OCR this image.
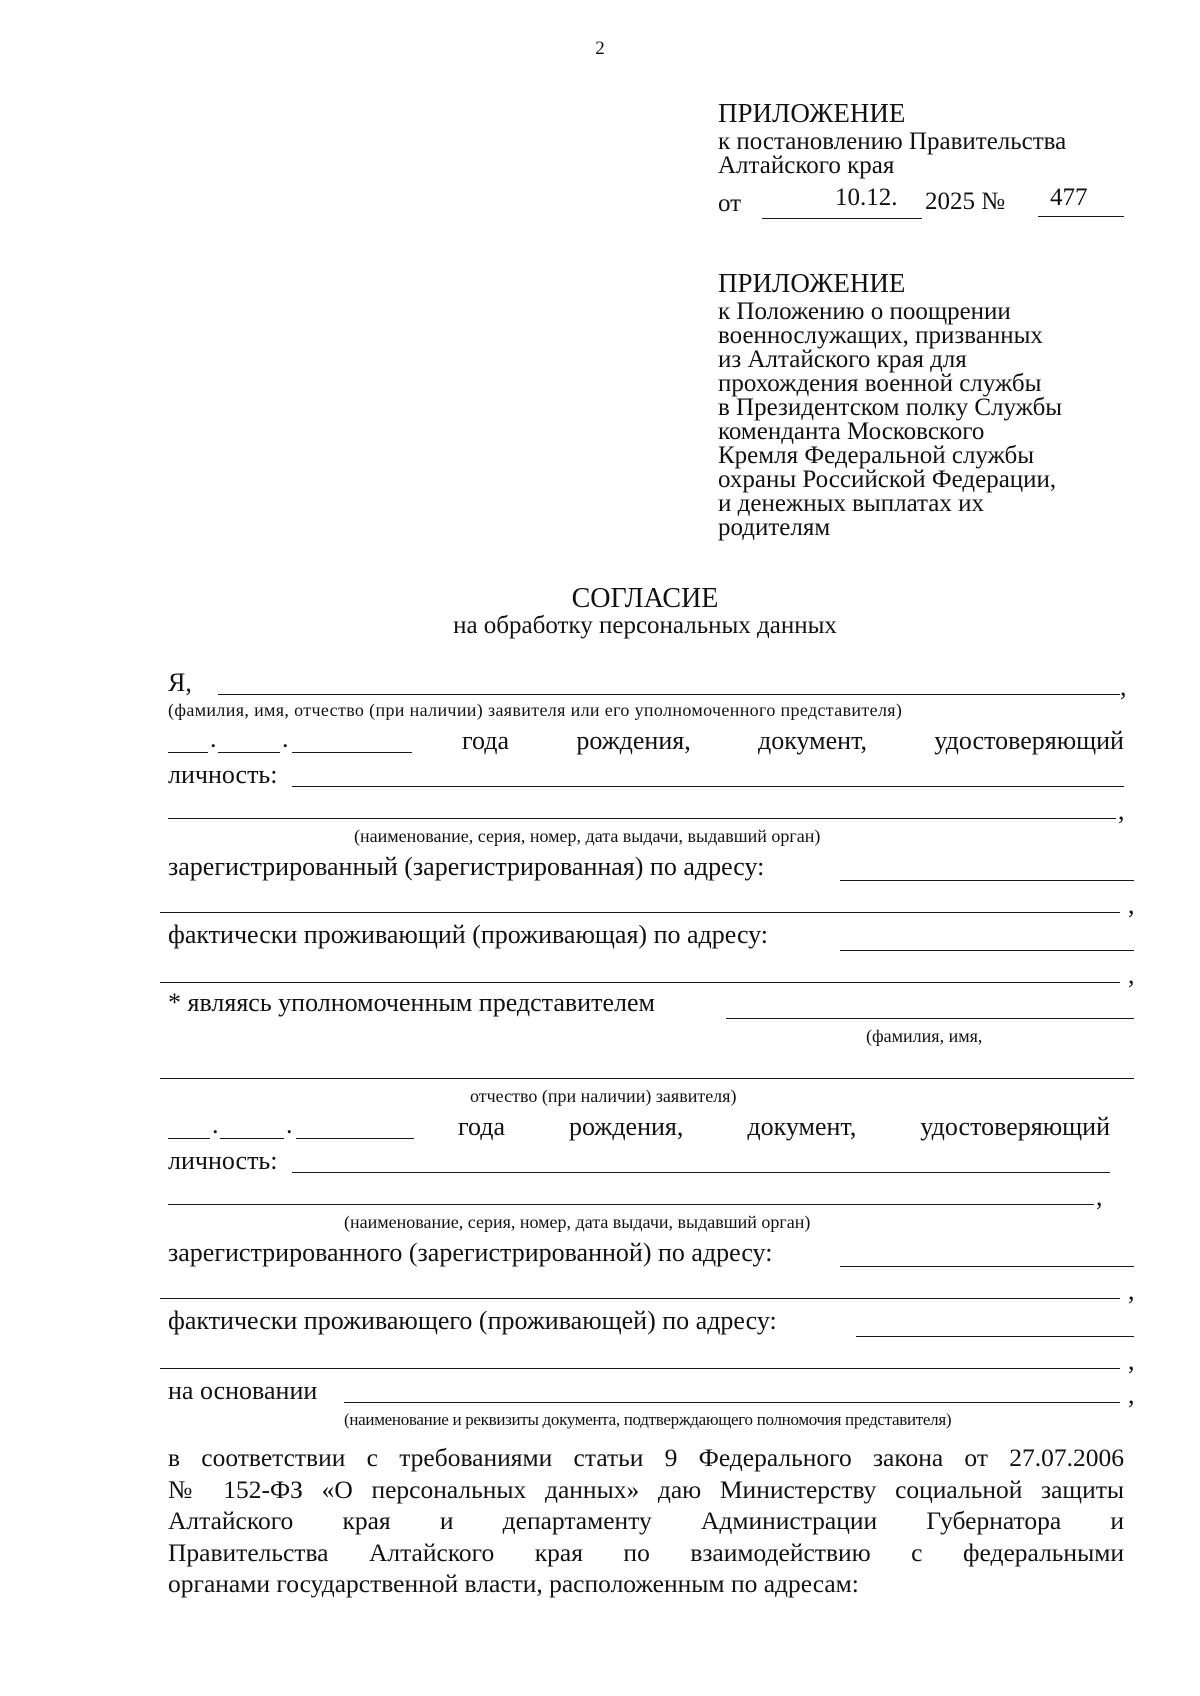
2
ПРИЛОЖЕНИЕ
к постановлению Правительства
Алтайского края
от	10.12. 2025 № 477
ПРИЛОЖЕНИЕ
к Положению о поощрении
военнослужащих, призванных
из Алтайского края для
прохождения военной службы
в Президентском полку Службы
коменданта Московского
Кремля Федеральной службы
охраны Российской Федерации,
и денежных выплатах их
родителям
СОГЛАСИЕ
на обработку персональных данных
Я,	,
(фамилия, имя, отчество (при наличии) заявителя или его уполномоченного представителя)
.	.	года	рождения,	документ,	удостоверяющий
личность:
,
(наименование, серия, номер, дата выдачи, выдавший орган)
зарегистрированный (зарегистрированная) по адресу:
,
фактически проживающий (проживающая) по адресу:
,
* являясь уполномоченным представителем
(фамилия, имя,
отчество (при наличии) заявителя)
.	.	года рождения, документ, удостоверяющий
личность:
,
(наименование, серия, номер, дата выдачи, выдавший орган)
зарегистрированного (зарегистрированной) по адресу:
,
фактически проживающего (проживающей) по адресу:
,
на основании	,
(наименование и реквизиты документа, подтверждающего полномочия представителя)
в соответствии с требованиями статьи 9 Федерального закона от 27.07.2006
№ 152-ФЗ «О персональных данных» даю Министерству социальной защиты
Алтайского края и департаменту Администрации Губернатора и
Правительства Алтайского края по взаимодействию с федеральными
органами государственной власти, расположенным по адресам:
